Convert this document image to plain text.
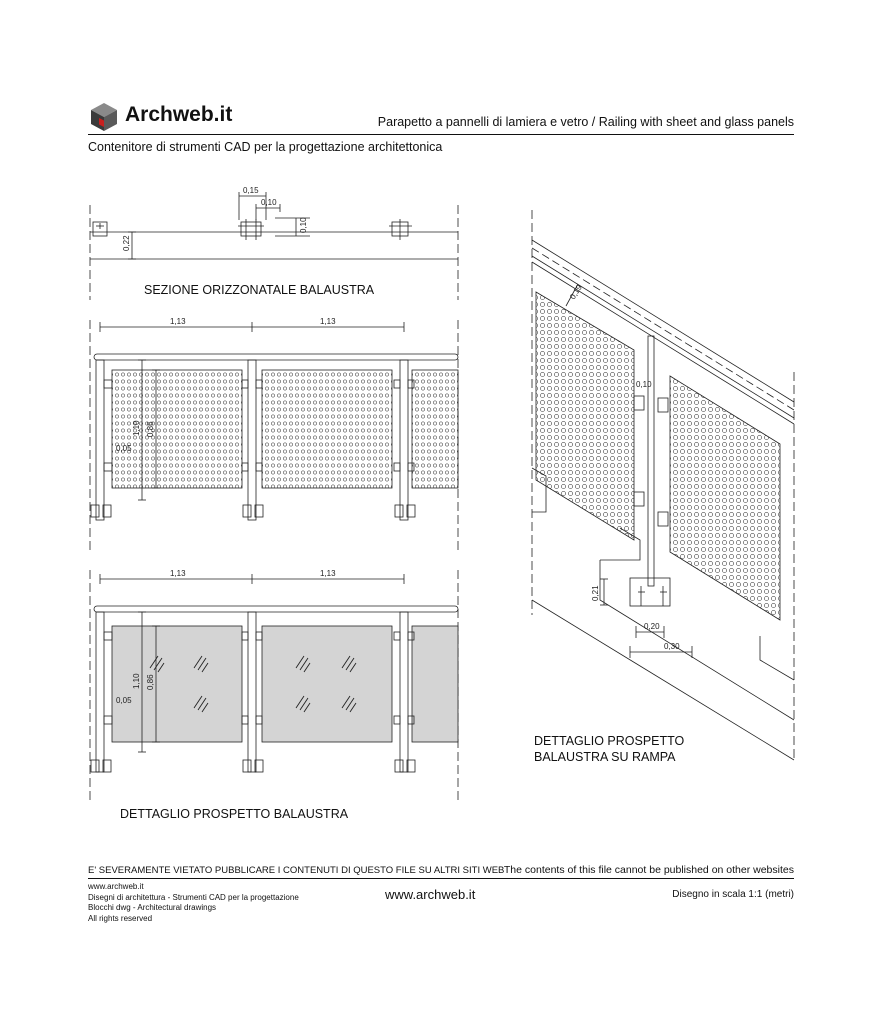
Archweb.it	Parapetto a pannelli di lamiera e vetro / Railing with sheet and glass panels
Contenitore di strumenti CAD per la progettazione architettonica
0,15
0,10
0,10
0,22
SEZIONE ORIZZONATALE BALAUSTRA
1,13	1,13
1,10 0,86
0,05
1,13	1,13
1,10 0,86
0,05
DETTAGLIO PROSPETTO BALAUSTRA
0,19
0,10
0,21
0,20
0,30
DETTAGLIO PROSPETTO
BALAUSTRA SU RAMPA
E' SEVERAMENTE VIETATO PUBBLICARE I CONTENUTI DI QUESTO FILE SU ALTRI SITI WEB The contents of this file cannot be published on other websites
www.archweb.it
Disegni di architettura - Strumenti CAD per la progettazione
Blocchi dwg - Architectural drawings
All rights reserved
www.archweb.it	Disegno in scala 1:1 (metri)
